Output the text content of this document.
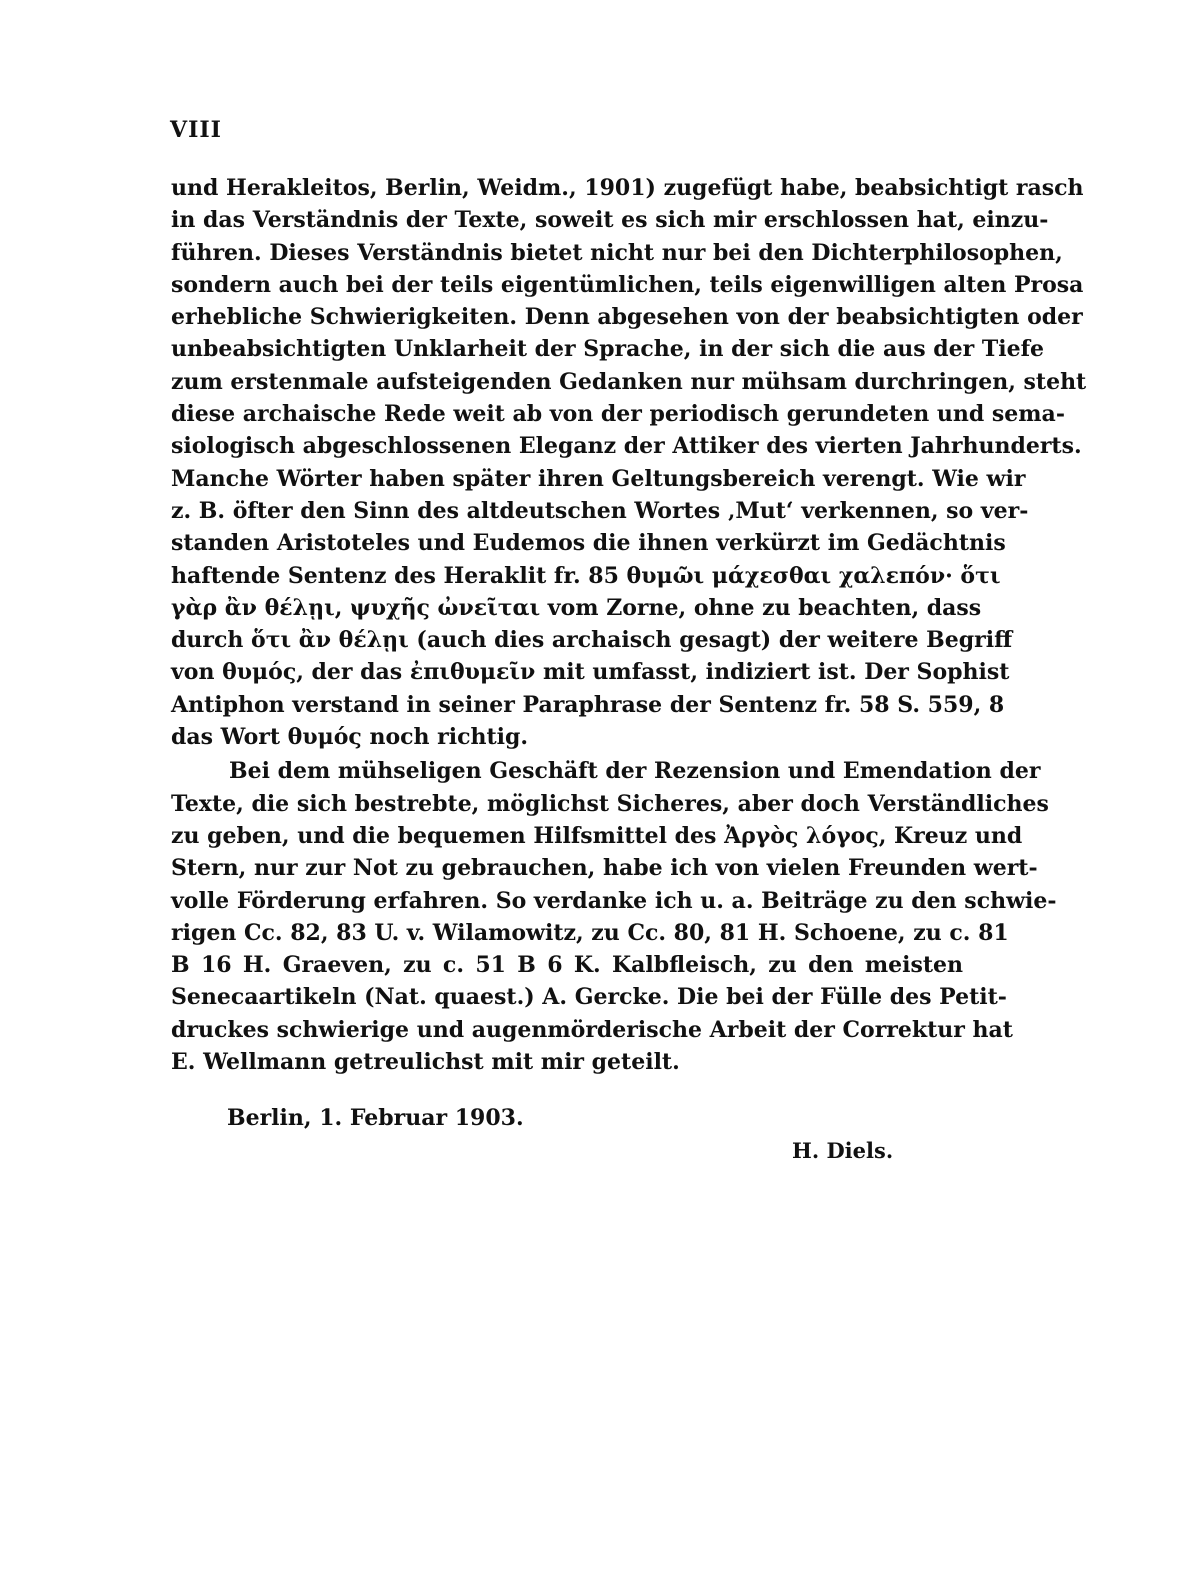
VIII
und Herakleitos, Berlin, Weidm., 1901) zugefügt habe, beabsichtigt rasch
in das Verständnis der Texte, soweit es sich mir erschlossen hat, einzu-
führen. Dieses Verständnis bietet nicht nur bei den Dichterphilosophen,
sondern auch bei der teils eigentümlichen, teils eigenwilligen alten Prosa
erhebliche Schwierigkeiten. Denn abgesehen von der beabsichtigten oder
unbeabsichtigten Unklarheit der Sprache, in der sich die aus der Tiefe
zum erstenmale aufsteigenden Gedanken nur mühsam durchringen, steht
diese archaische Rede weit ab von der periodisch gerundeten und sema-
siologisch abgeschlossenen Eleganz der Attiker des vierten Jahrhunderts.
Manche Wörter haben später ihren Geltungsbereich verengt. Wie wir
z. B. öfter den Sinn des altdeutschen Wortes ‚Mut‘ verkennen, so ver-
standen Aristoteles und Eudemos die ihnen verkürzt im Gedächtnis
haftende Sentenz des Heraklit fr. 85 θυμῶι μάχεσθαι χαλεπόν· ὅτι
γὰρ ἂν θέλῃι, ψυχῆς ὠνεῖται vom Zorne, ohne zu beachten, dass
durch ὅτι ἂν θέλῃι (auch dies archaisch gesagt) der weitere Begriff
von θυμός, der das ἐπιθυμεῖν mit umfasst, indiziert ist. Der Sophist
Antiphon verstand in seiner Paraphrase der Sentenz fr. 58 S. 559, 8
das Wort θυμός noch richtig.
Bei dem mühseligen Geschäft der Rezension und Emendation der
Texte, die sich bestrebte, möglichst Sicheres, aber doch Verständliches
zu geben, und die bequemen Hilfsmittel des Ἀργὸς λόγος, Kreuz und
Stern, nur zur Not zu gebrauchen, habe ich von vielen Freunden wert-
volle Förderung erfahren. So verdanke ich u. a. Beiträge zu den schwie-
rigen Cc. 82, 83 U. v. Wilamowitz, zu Cc. 80, 81 H. Schoene, zu c. 81
B 16 H. Graeven, zu c. 51 B 6 K. Kalbfleisch, zu den meisten
Senecaartikeln (Nat. quaest.) A. Gercke. Die bei der Fülle des Petit-
druckes schwierige und augenmörderische Arbeit der Correktur hat
E. Wellmann getreulichst mit mir geteilt.
Berlin, 1. Februar 1903.
H. Diels.
